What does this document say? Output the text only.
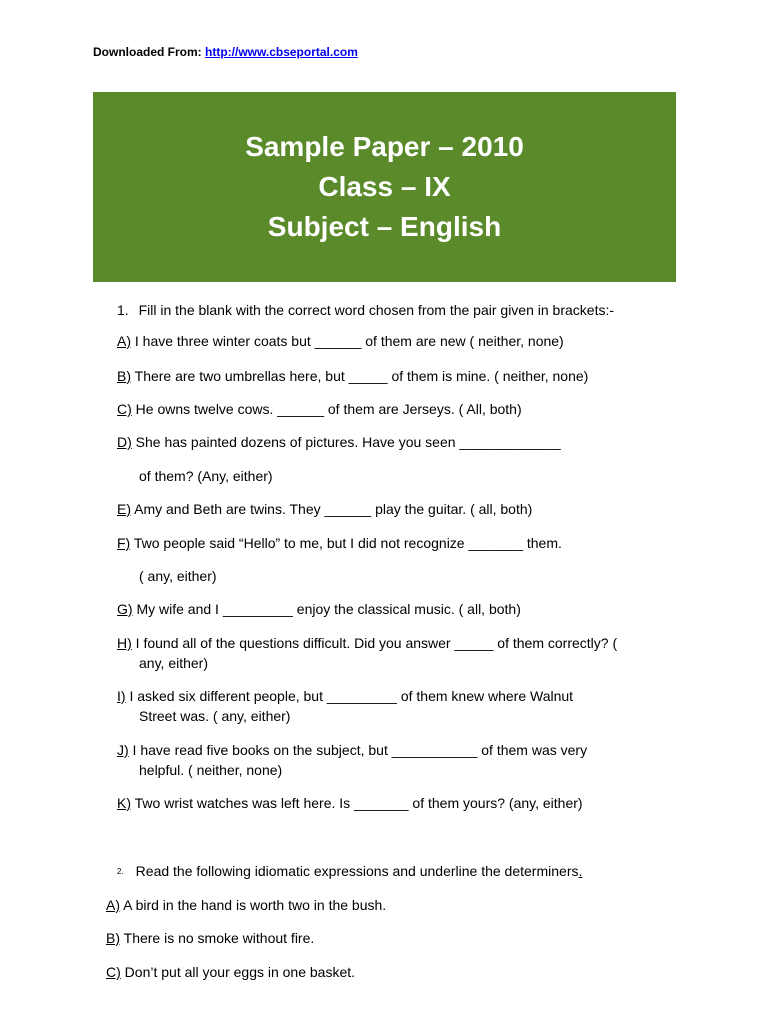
Downloaded From: http://www.cbseportal.com
Sample Paper – 2010
Class – IX
Subject – English
1. Fill in the blank with the correct word chosen from the pair given in brackets:-
A) I have three winter coats but ______ of them are new ( neither, none)
B) There are two umbrellas here, but _____ of them is mine. ( neither, none)
C) He owns twelve cows. ______ of them are Jerseys. ( All, both)
D) She has painted dozens of pictures. Have you seen _____________
of them? (Any, either)
E) Amy and Beth are twins. They ______ play the guitar. ( all, both)
F) Two people said “Hello” to me, but I did not recognize _______ them.
( any, either)
G) My wife and I _________ enjoy the classical music. ( all, both)
H) I found all of the questions difficult. Did you answer _____ of them correctly? (
any, either)
I) I asked six different people, but _________ of them knew where Walnut
Street was. ( any, either)
J) I have read five books on the subject, but ___________ of them was very
helpful. ( neither, none)
K) Two wrist watches was left here. Is _______ of them yours? (any, either)
2. Read the following idiomatic expressions and underline the determiners.
A) A bird in the hand is worth two in the bush.
B) There is no smoke without fire.
C) Don’t put all your eggs in one basket.
